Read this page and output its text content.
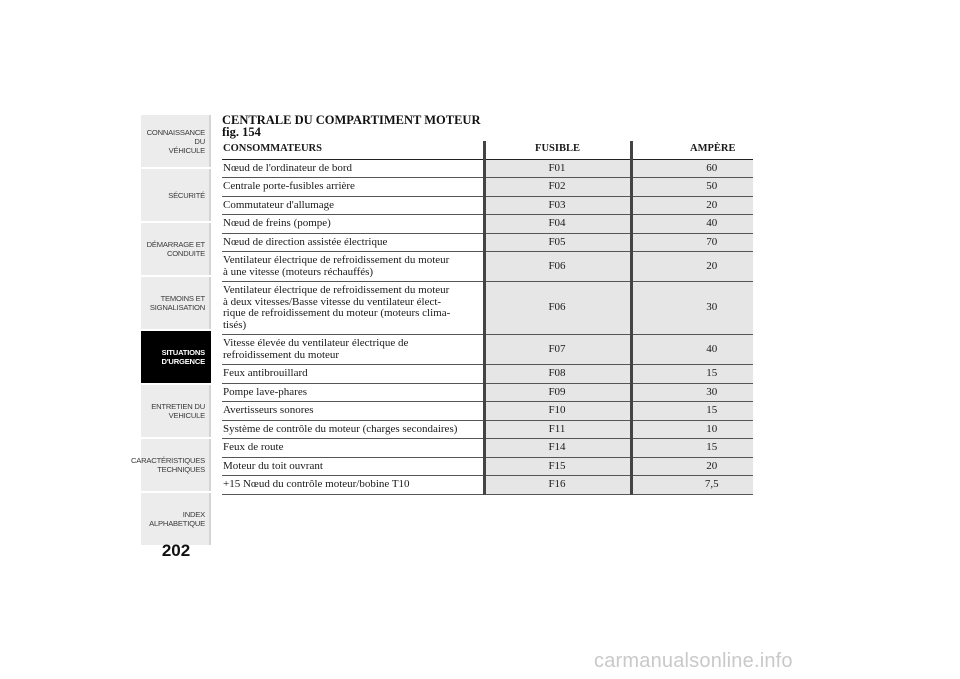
CONNAISSANCE DU
VÉHICULE
SÉCURITÉ
DÉMARRAGE ET
CONDUITE
TEMOINS ET
SIGNALISATION
SITUATIONS
D'URGENCE
ENTRETIEN DU
VEHICULE
CARACTÉRISTIQUES
TECHNIQUES
INDEX
ALPHABETIQUE
202
CENTRALE DU COMPARTIMENT MOTEUR
fig. 154
CONSOMMATEURS	FUSIBLE	AMPÈRE
Nœud de l'ordinateur de bord	F01	60
Centrale porte-fusibles arrière	F02	50
Commutateur d'allumage	F03	20
Nœud de freins (pompe)	F04	40
Nœud de direction assistée électrique	F05	70
Ventilateur électrique de refroidissement du moteur
à une vitesse (moteurs réchauffés)	F06	20
Ventilateur électrique de refroidissement du moteur
à deux vitesses/Basse vitesse du ventilateur élect-
rique de refroidissement du moteur (moteurs clima-
tisés)	F06	30
Vitesse élevée du ventilateur électrique de
refroidissement du moteur	F07	40
Feux antibrouillard	F08	15
Pompe lave-phares	F09	30
Avertisseurs sonores	F10	15
Système de contrôle du moteur (charges secondaires)	F11	10
Feux de route	F14	15
Moteur du toit ouvrant	F15	20
+15 Nœud du contrôle moteur/bobine T10	F16	7,5
carmanualsonline.info
